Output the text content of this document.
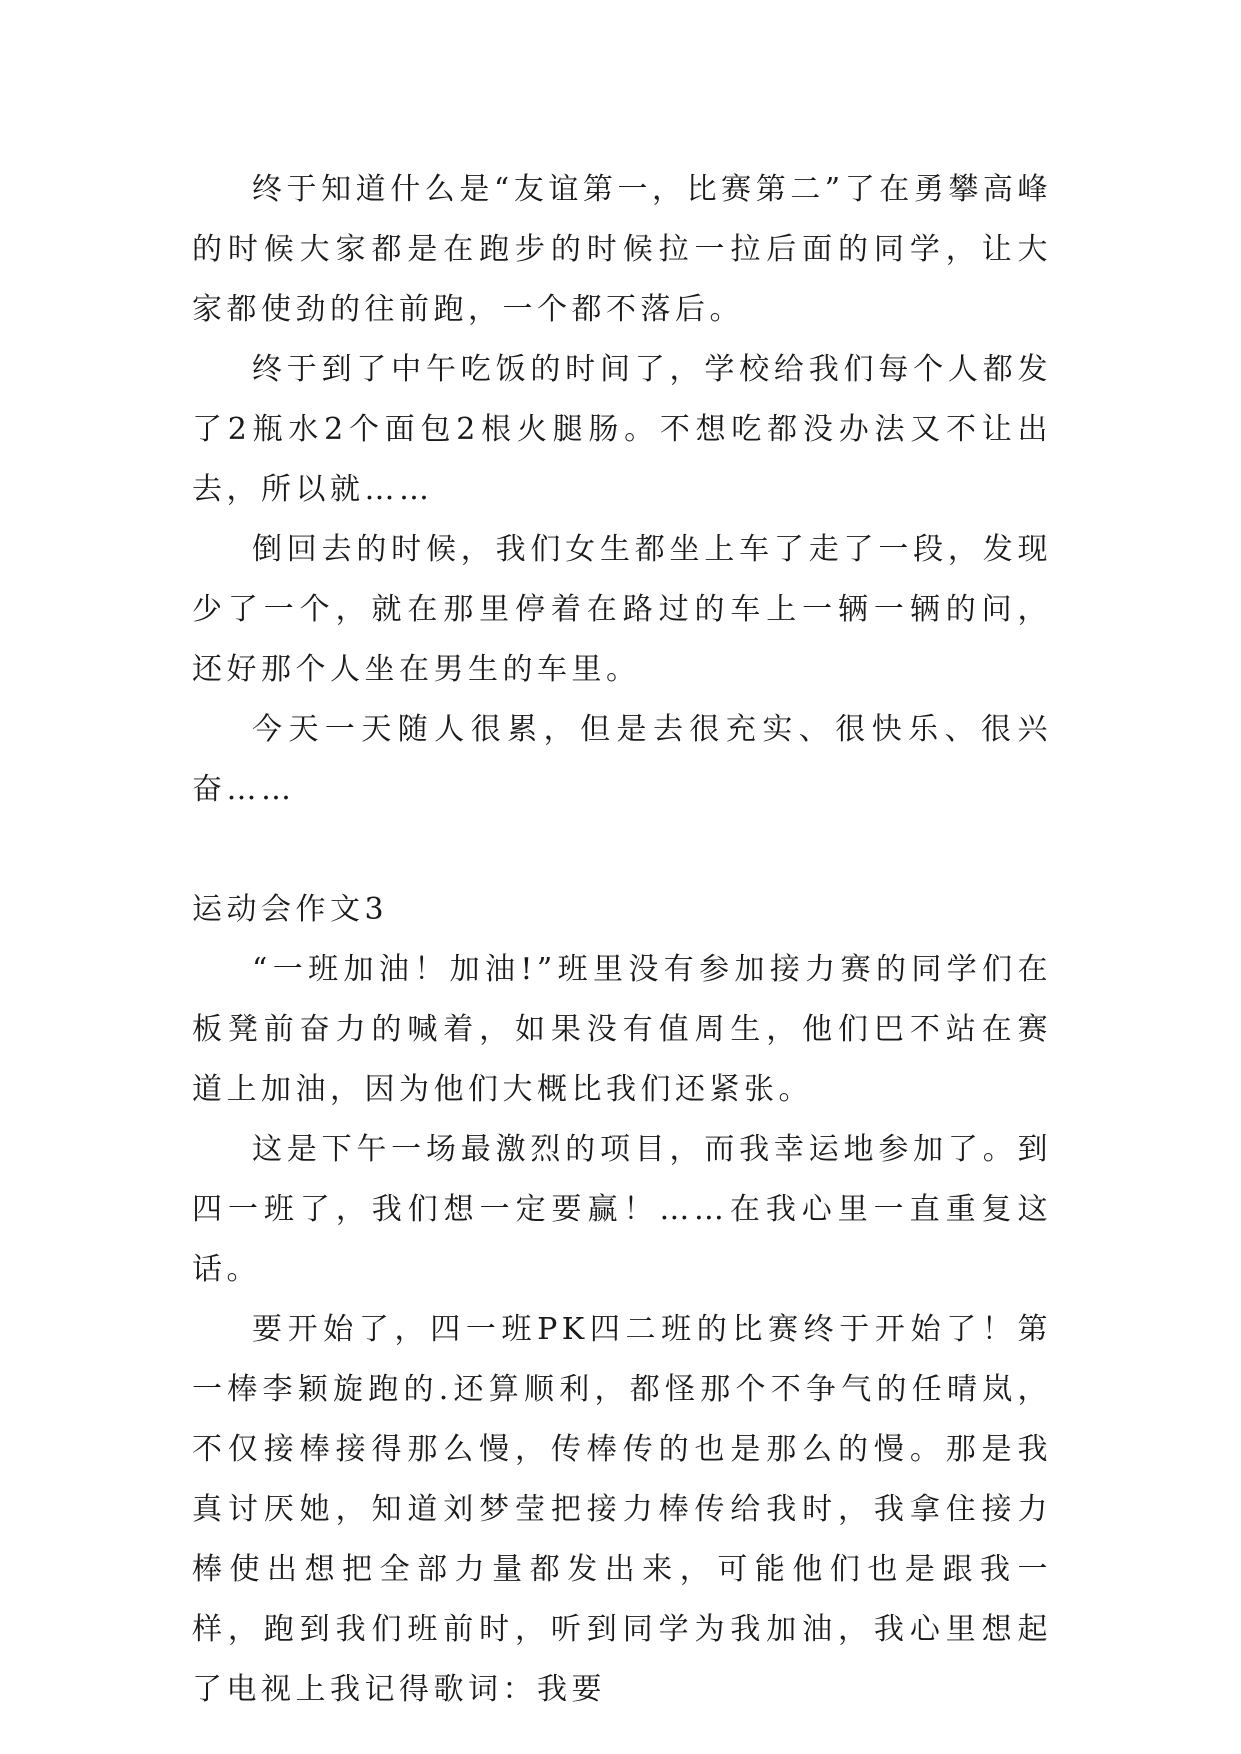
终于知道什么是“友谊第一，比赛第二”了在勇攀高峰的时候大家都是在跑步的时候拉一拉后面的同学，让大家都使劲的往前跑，一个都不落后。

终于到了中午吃饭的时间了，学校给我们每个人都发了2瓶水2个面包2根火腿肠。不想吃都没办法又不让出去，所以就……

倒回去的时候，我们女生都坐上车了走了一段，发现少了一个，就在那里停着在路过的车上一辆一辆的问，还好那个人坐在男生的车里。

今天一天随人很累，但是去很充实、很快乐、很兴奋……

运动会作文3

“一班加油！加油!”班里没有参加接力赛的同学们在板凳前奋力的喊着，如果没有值周生，他们巴不站在赛道上加油，因为他们大概比我们还紧张。

这是下午一场最激烈的项目，而我幸运地参加了。到四一班了，我们想一定要赢！……在我心里一直重复这话。

要开始了，四一班PK四二班的比赛终于开始了！第一棒李颖旋跑的.还算顺利，都怪那个不争气的任晴岚，不仅接棒接得那么慢，传棒传的也是那么的慢。那是我真讨厌她，知道刘梦莹把接力棒传给我时，我拿住接力棒使出想把全部力量都发出来，可能他们也是跟我一样，跑到我们班前时，听到同学为我加油，我心里想起了电视上我记得歌词：我要
